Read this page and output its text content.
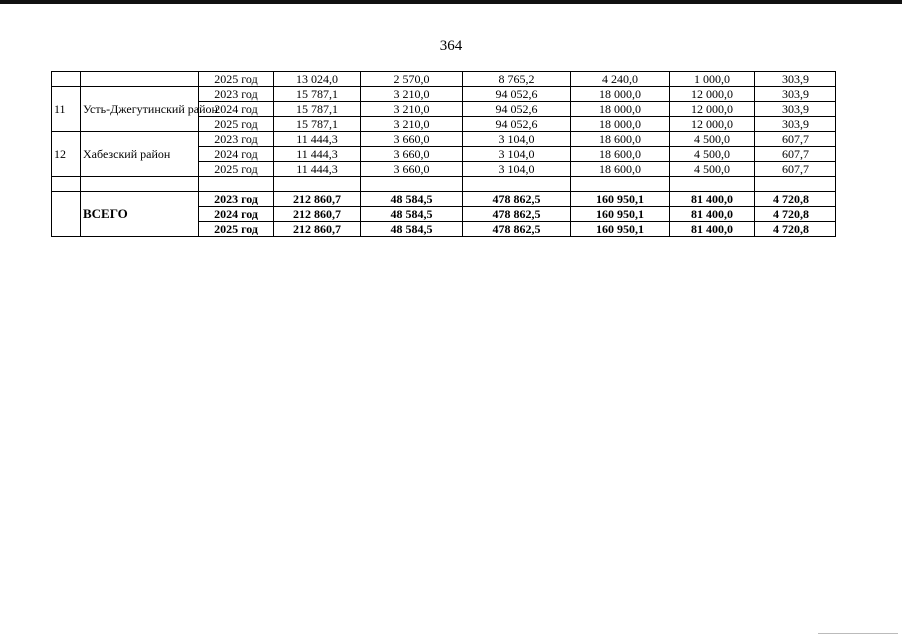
364
		2025 год	13 024,0	2 570,0	8 765,2	4 240,0	1 000,0	303,9
11	Усть-Джегутинский район	2023 год	15 787,1	3 210,0	94 052,6	18 000,0	12 000,0	303,9
		2024 год	15 787,1	3 210,0	94 052,6	18 000,0	12 000,0	303,9
		2025 год	15 787,1	3 210,0	94 052,6	18 000,0	12 000,0	303,9
12	Хабезский район	2023 год	11 444,3	3 660,0	3 104,0	18 600,0	4 500,0	607,7
		2024 год	11 444,3	3 660,0	3 104,0	18 600,0	4 500,0	607,7
		2025 год	11 444,3	3 660,0	3 104,0	18 600,0	4 500,0	607,7

	ВСЕГО	2023 год	212 860,7	48 584,5	478 862,5	160 950,1	81 400,0	4 720,8
		2024 год	212 860,7	48 584,5	478 862,5	160 950,1	81 400,0	4 720,8
		2025 год	212 860,7	48 584,5	478 862,5	160 950,1	81 400,0	4 720,8
